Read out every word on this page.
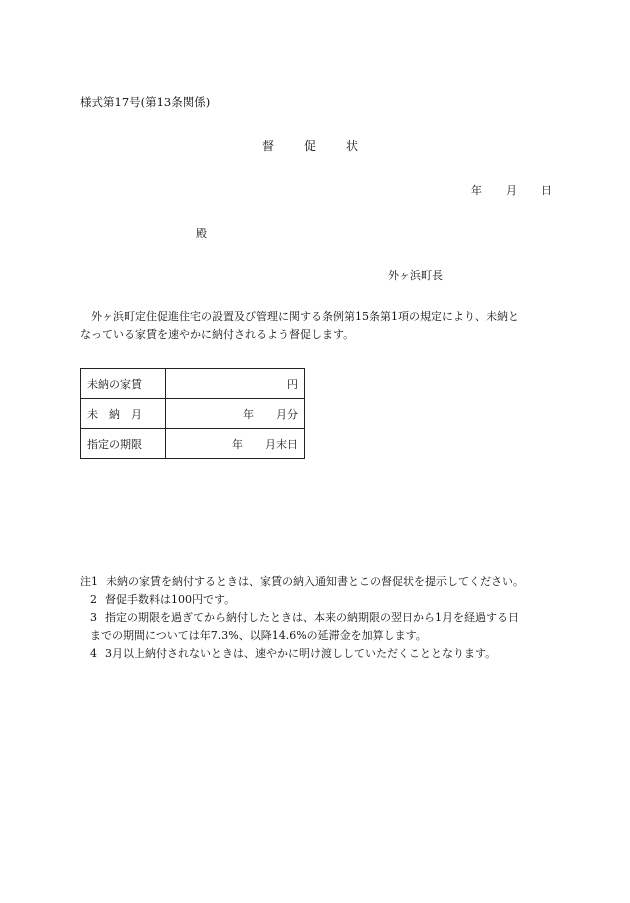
様式第17号(第13条関係)
督	促	状
年 月 日
殿
外ヶ浜町長

外ヶ浜町定住促進住宅の設置及び管理に関する条例第15条第1項の規定により、未納と

なっている家賃を速やかに納付されるよう督促します。

未納の家賃	円
未　納　月	年　　月分
指定の期限	年　　月末日

注1 未納の家賃を納付するときは、家賃の納入通知書とこの督促状を提示してください。

2 督促手数料は100円です。

3 指定の期限を過ぎてから納付したときは、本来の納期限の翌日から1月を経過する日

までの期間については年7.3%、以降14.6%の延滞金を加算します。

4 3月以上納付されないときは、速やかに明け渡ししていただくこととなります。
